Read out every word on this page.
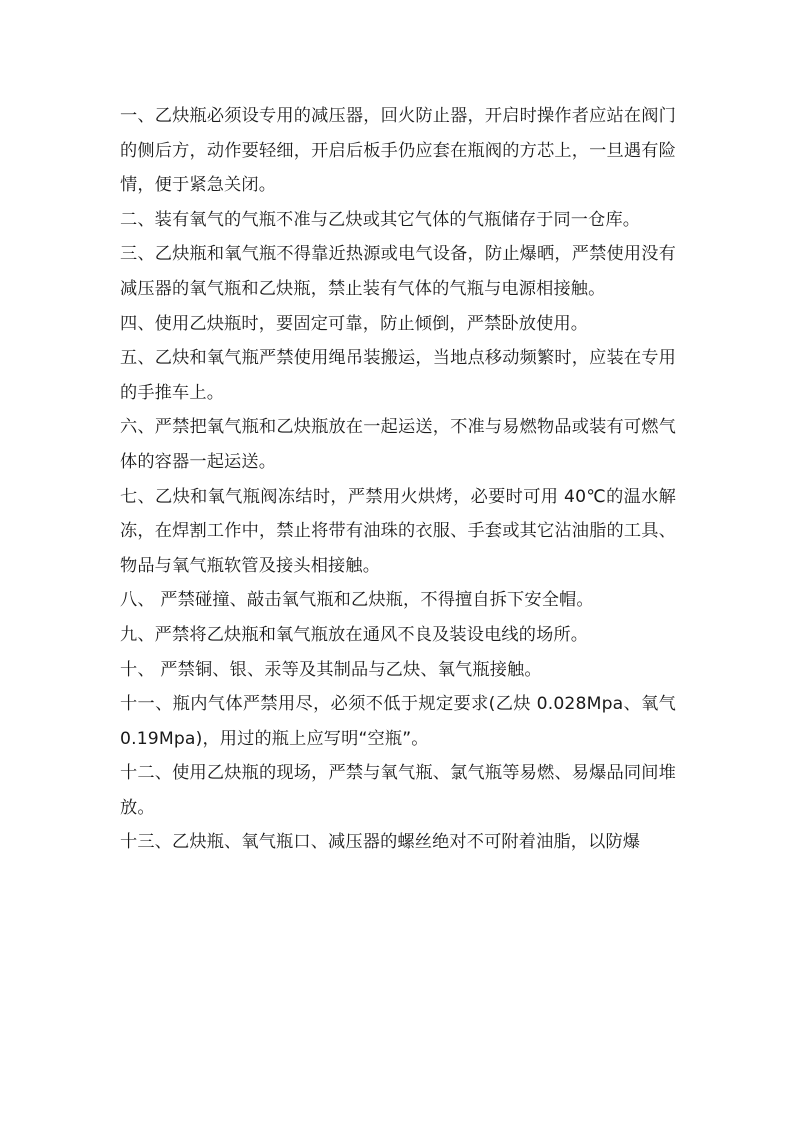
一、乙炔瓶必须设专用的减压器，回火防止器，开启时操作者应站在阀门的侧后方，动作要轻细，开启后板手仍应套在瓶阀的方芯上，一旦遇有险情，便于紧急关闭。

二、装有氧气的气瓶不准与乙炔或其它气体的气瓶储存于同一仓库。

三、乙炔瓶和氧气瓶不得靠近热源或电气设备，防止爆晒，严禁使用没有减压器的氧气瓶和乙炔瓶，禁止装有气体的气瓶与电源相接触。

四、使用乙炔瓶时，要固定可靠，防止倾倒，严禁卧放使用。

五、乙炔和氧气瓶严禁使用绳吊装搬运，当地点移动频繁时，应装在专用的手推车上。

六、严禁把氧气瓶和乙炔瓶放在一起运送，不准与易燃物品或装有可燃气体的容器一起运送。

七、乙炔和氧气瓶阀冻结时，严禁用火烘烤，必要时可用 40℃的温水解冻，在焊割工作中，禁止将带有油珠的衣服、手套或其它沾油脂的工具、物品与氧气瓶软管及接头相接触。

八、 严禁碰撞、敲击氧气瓶和乙炔瓶，不得擅自拆下安全帽。

九、严禁将乙炔瓶和氧气瓶放在通风不良及装设电线的场所。

十、 严禁铜、银、汞等及其制品与乙炔、氧气瓶接触。

十一、瓶内气体严禁用尽，必须不低于规定要求(乙炔 0.028Mpa、氧气 0.19Mpa)，用过的瓶上应写明“空瓶”。

十二、使用乙炔瓶的现场，严禁与氧气瓶、氯气瓶等易燃、易爆品同间堆放。

十三、乙炔瓶、氧气瓶口、减压器的螺丝绝对不可附着油脂，以防爆
